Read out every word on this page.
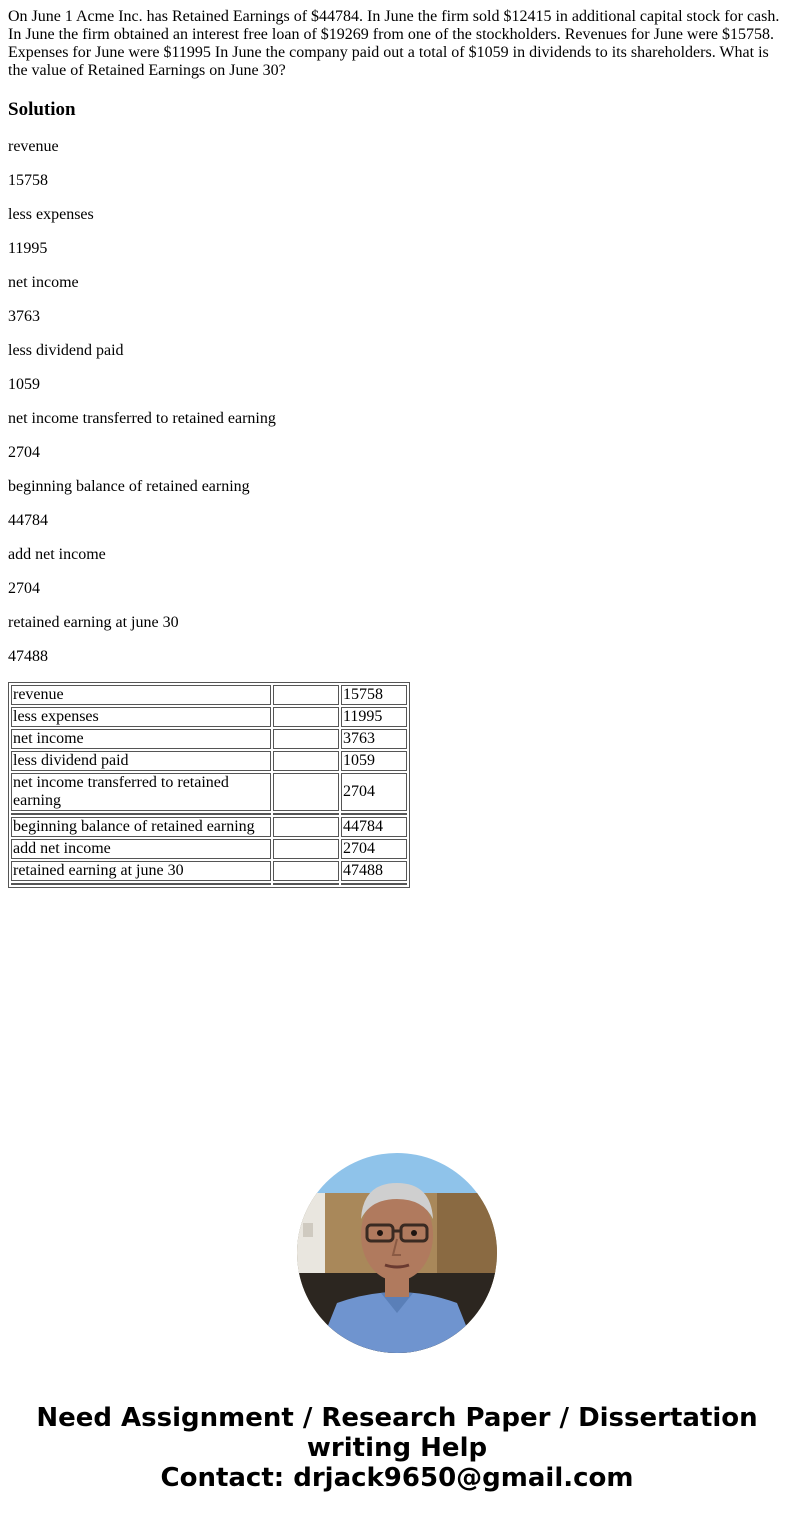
On June 1 Acme Inc. has Retained Earnings of $44784. In June the firm sold $12415 in additional capital stock for cash. In June the firm obtained an interest free loan of $19269 from one of the stockholders. Revenues for June were $15758. Expenses for June were $11995 In June the company paid out a total of $1059 in dividends to its shareholders. What is the value of Retained Earnings on June 30?
Solution

revenue

15758

less expenses

11995

net income

3763

less dividend paid

1059

net income transferred to retained earning

2704

beginning balance of retained earning

44784

add net income

2704

retained earning at june 30

47488

revenue		15758
less expenses		11995
net income		3763
less dividend paid		1059
net income transferred to retained earning		2704

beginning balance of retained earning		44784
add net income		2704
retained earning at june 30		47488

Need Assignment / Research Paper / Dissertation
writing Help
Contact: drjack9650@gmail.com
